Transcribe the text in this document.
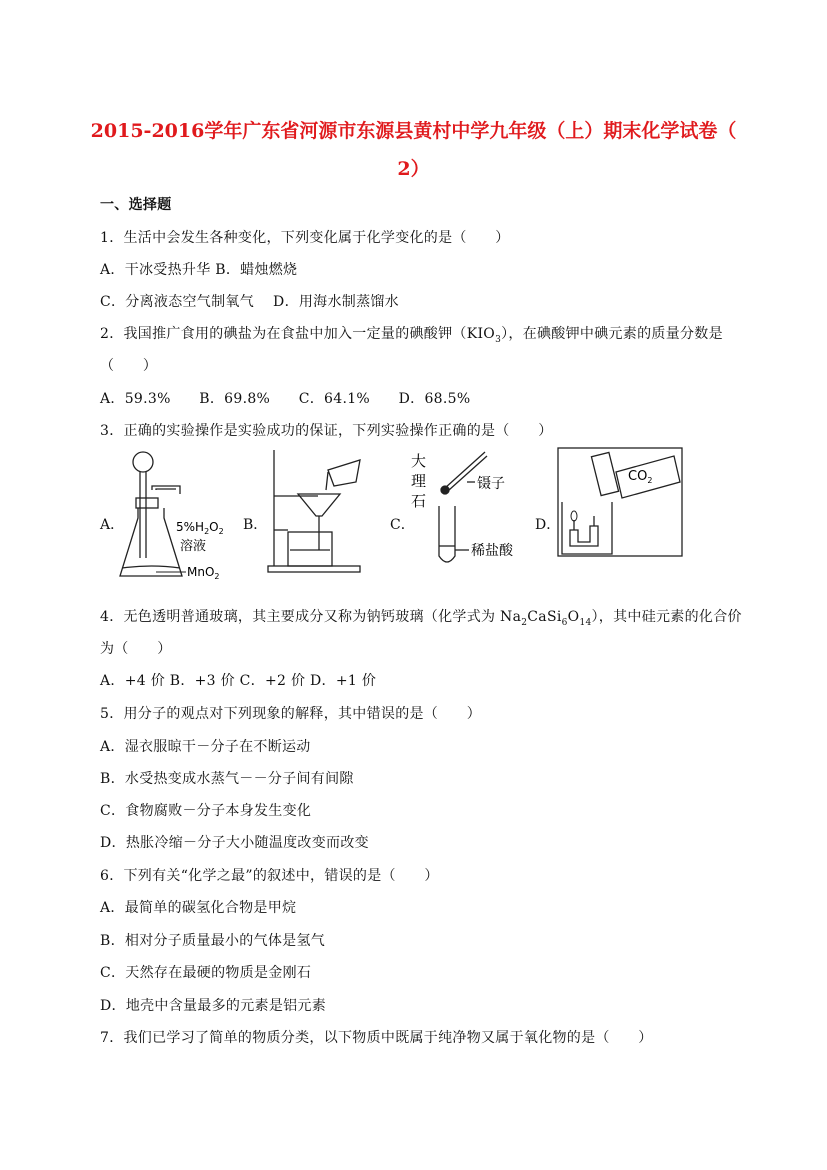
2015-2016学年广东省河源市东源县黄村中学九年级（上）期末化学试卷（
2）
一、选择题
1．生活中会发生各种变化，下列变化属于化学变化的是（　　）
A．干冰受热升华 B．蜡烛燃烧
C．分离液态空气制氧气　 D．用海水制蒸馏水
2．我国推广食用的碘盐为在食盐中加入一定量的碘酸钾$(KIO_3)$，在碘酸钾中碘元素的质量分数是
（　　）
A．59.3%　　B．69.8%　　C．64.1%　　D．68.5%
3．正确的实验操作是实验成功的保证，下列实验操作正确的是（　　）
A．	B．	C．	D．
$5\%H_2O_2$
溶液
MnO$_2$
大
理
石
镊子
稀盐酸
$CO_2$
4．无色透明普通玻璃，其主要成分又称为钠钙玻璃（化学式为 $Na_2CaSi_6O_{14}$），其中硅元素的化合价
为（　　）
A．+4 价 B．+3 价 C．+2 价 D．+1 价
5．用分子的观点对下列现象的解释，其中错误的是（　　）
A．湿衣服晾干－分子在不断运动
B．水受热变成水蒸气－－分子间有间隙
C．食物腐败－分子本身发生变化
D．热胀冷缩－分子大小随温度改变而改变
6．下列有关“化学之最”的叙述中，错误的是（　　）
A．最简单的碳氢化合物是甲烷
B．相对分子质量最小的气体是氢气
C．天然存在最硬的物质是金刚石
D．地壳中含量最多的元素是铝元素
7．我们已学习了简单的物质分类，以下物质中既属于纯净物又属于氧化物的是（　　）
